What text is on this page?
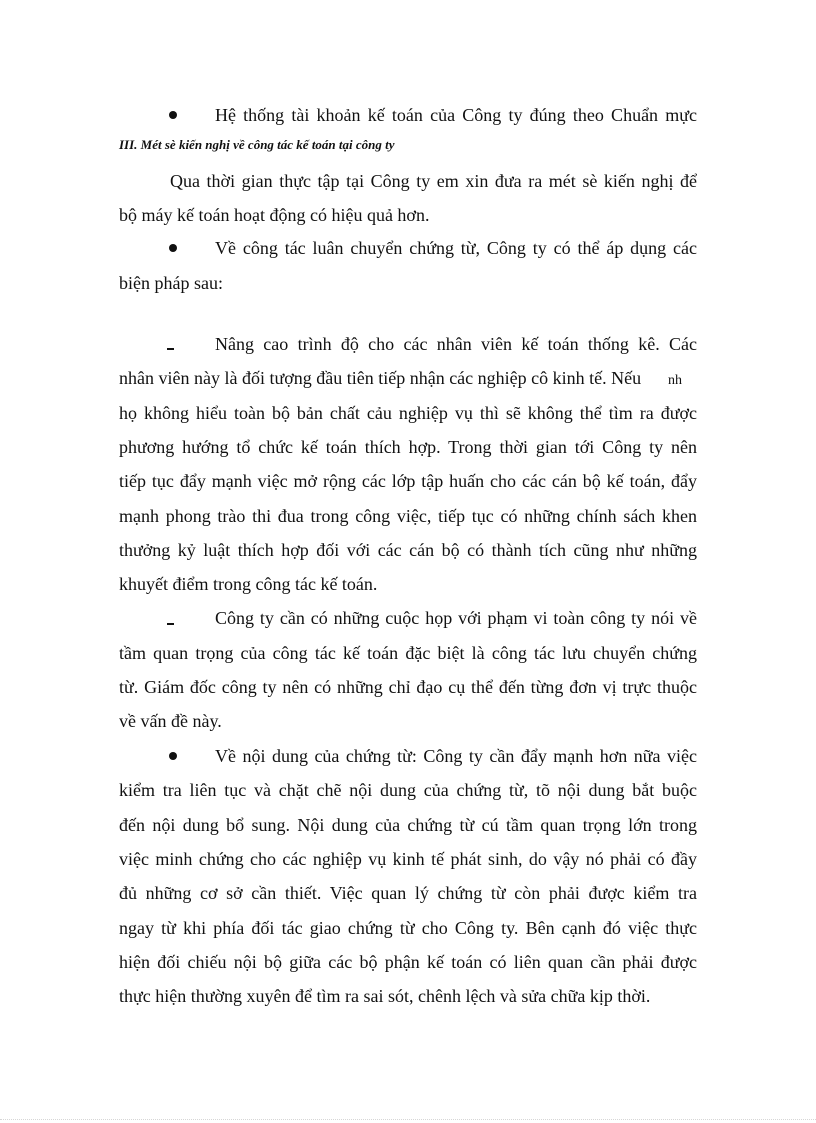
Hệ thống tài khoản kế toán của Công ty đúng theo Chuẩn mực
III. Mét sè kiến nghị về công tác kế toán tại công ty
Qua thời gian thực tập tại Công ty em xin đưa ra mét sè kiến nghị để
bộ máy kế toán hoạt động có hiệu quả hơn.
Về công tác luân chuyển chứng từ, Công ty có thể áp dụng các
biện pháp sau:
Nâng cao trình độ cho các nhân viên kế toán thống kê. Các
nhân viên này là đối tượng đầu tiên tiếp nhận các nghiệp cô kinh tế. Nếu	nh
họ không hiểu toàn bộ bản chất cảu nghiệp vụ thì sẽ không thể tìm ra được
phương hướng tổ chức kế toán thích hợp. Trong thời gian tới Công ty nên
tiếp tục đẩy mạnh việc mở rộng các lớp tập huấn cho các cán bộ kế toán, đẩy
mạnh phong trào thi đua trong công việc, tiếp tục có những chính sách khen
thưởng kỷ luật thích hợp đối với các cán bộ có thành tích cũng như những
khuyết điểm trong công tác kế toán.
Công ty cần có những cuộc họp với phạm vi toàn công ty nói về
tầm quan trọng của công tác kế toán đặc biệt là công tác lưu chuyển chứng
từ. Giám đốc công ty nên có những chỉ đạo cụ thể đến từng đơn vị trực thuộc
về vấn đề này.
Về nội dung của chứng từ: Công ty cần đẩy mạnh hơn nữa việc
kiểm tra liên tục và chặt chẽ nội dung của chứng từ, tõ nội dung bắt buộc
đến nội dung bổ sung. Nội dung của chứng từ cú tầm quan trọng lớn trong
việc minh chứng cho các nghiệp vụ kinh tế phát sinh, do vậy nó phải có đầy
đủ những cơ sở cần thiết. Việc quan lý chứng từ còn phải được kiểm tra
ngay từ khi phía đối tác giao chứng từ cho Công ty. Bên cạnh đó việc thực
hiện đối chiếu nội bộ giữa các bộ phận kế toán có liên quan cần phải được
thực hiện thường xuyên để tìm ra sai sót, chênh lệch và sửa chữa kịp thời.
